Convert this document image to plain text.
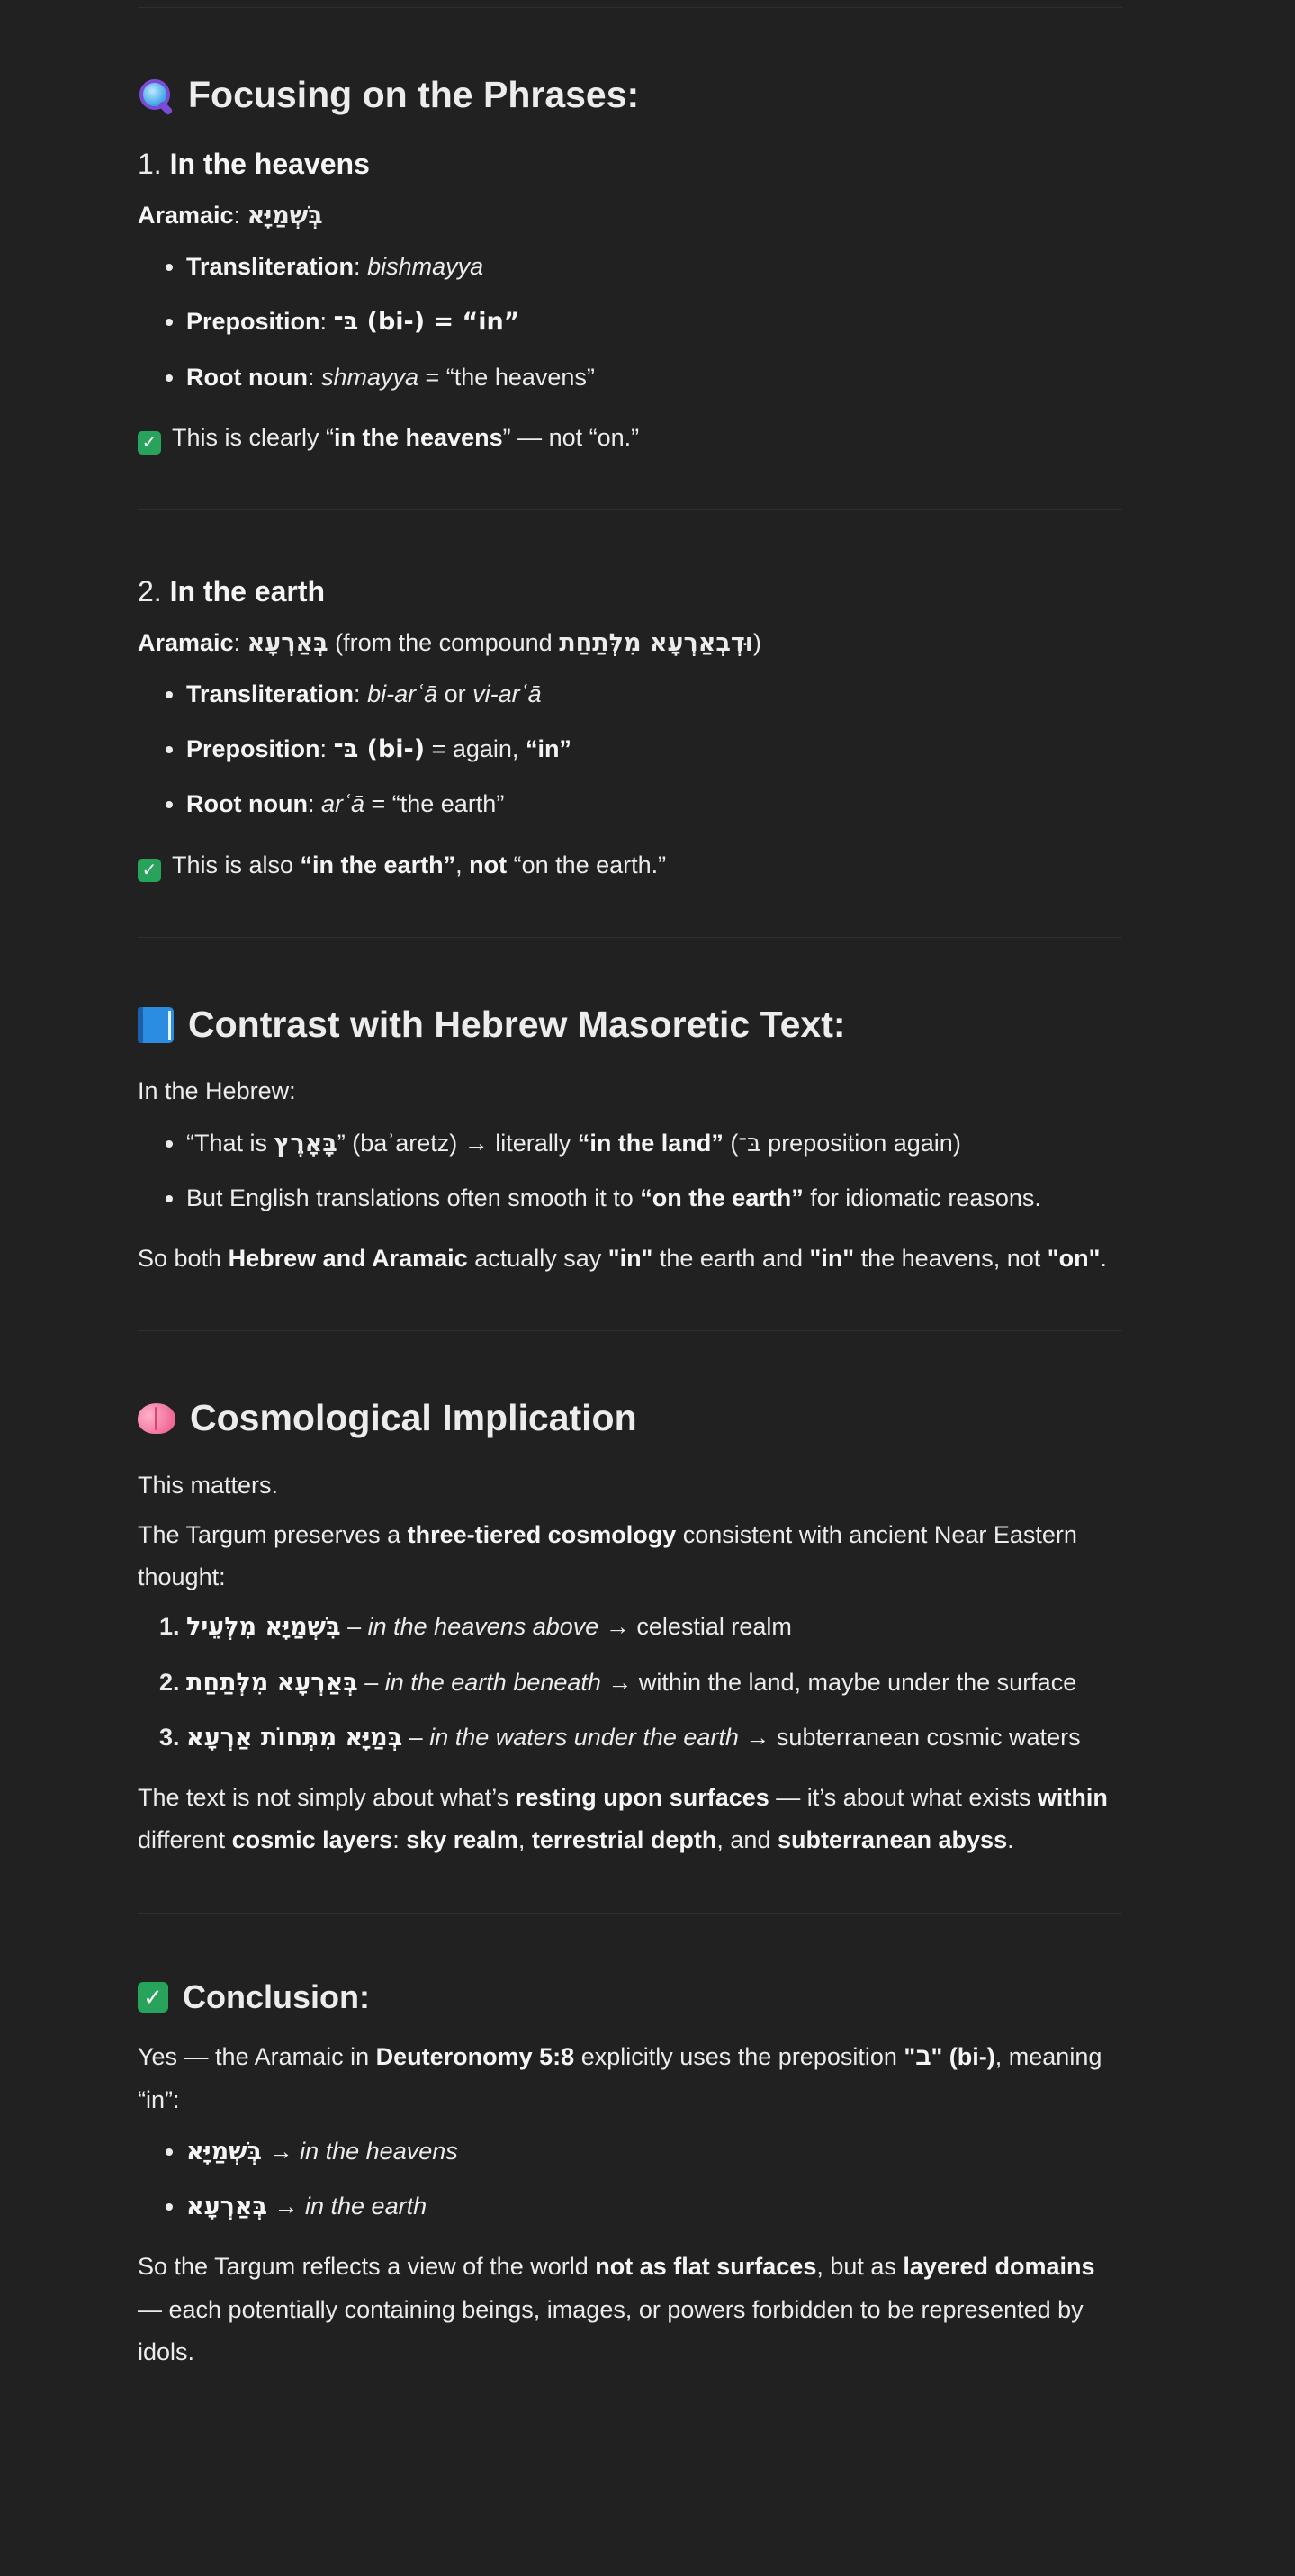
Focusing on the Phrases:
1. In the heavens

Aramaic: בְּשְׁמַיָּא

• Transliteration: bishmayya
• Preposition: בּ־ (bi-) = “in”
• Root noun: shmayya = “the heavens”

✓ This is clearly “in the heavens” — not “on.”

2. In the earth

Aramaic: בְּאַרְעָא (from the compound וּדְבְאַרְעָא מִלְּתַחַת)

• Transliteration: bi-arʿā or vi-arʿā
• Preposition: בּ־ (bi-) = again, “in”
• Root noun: arʿā = “the earth”

✓ This is also “in the earth”, not “on the earth.”

Contrast with Hebrew Masoretic Text:

In the Hebrew:

• “That is בָּאָרֶץ” (baʾaretz) → literally “in the land” (בּ־ preposition again)
• But English translations often smooth it to “on the earth” for idiomatic reasons.

So both Hebrew and Aramaic actually say "in" the earth and "in" the heavens, not "on".

Cosmological Implication

This matters.

The Targum preserves a three-tiered cosmology consistent with ancient Near Eastern thought:

1. בִּשְׁמַיָּא מִלְּעֵיל – in the heavens above → celestial realm
2. בְּאַרְעָא מִלְּתַחַת – in the earth beneath → within the land, maybe under the surface
3. בְּמַיָּא מִתְּחוֹת אַרְעָא – in the waters under the earth → subterranean cosmic waters

The text is not simply about what’s resting upon surfaces — it’s about what exists within different cosmic layers: sky realm, terrestrial depth, and subterranean abyss.

✓ Conclusion:

Yes — the Aramaic in Deuteronomy 5:8 explicitly uses the preposition "ב" (bi-), meaning “in”:

• בְּשְׁמַיָּא → in the heavens
• בְּאַרְעָא → in the earth

So the Targum reflects a view of the world not as flat surfaces, but as layered domains — each potentially containing beings, images, or powers forbidden to be represented by idols.
